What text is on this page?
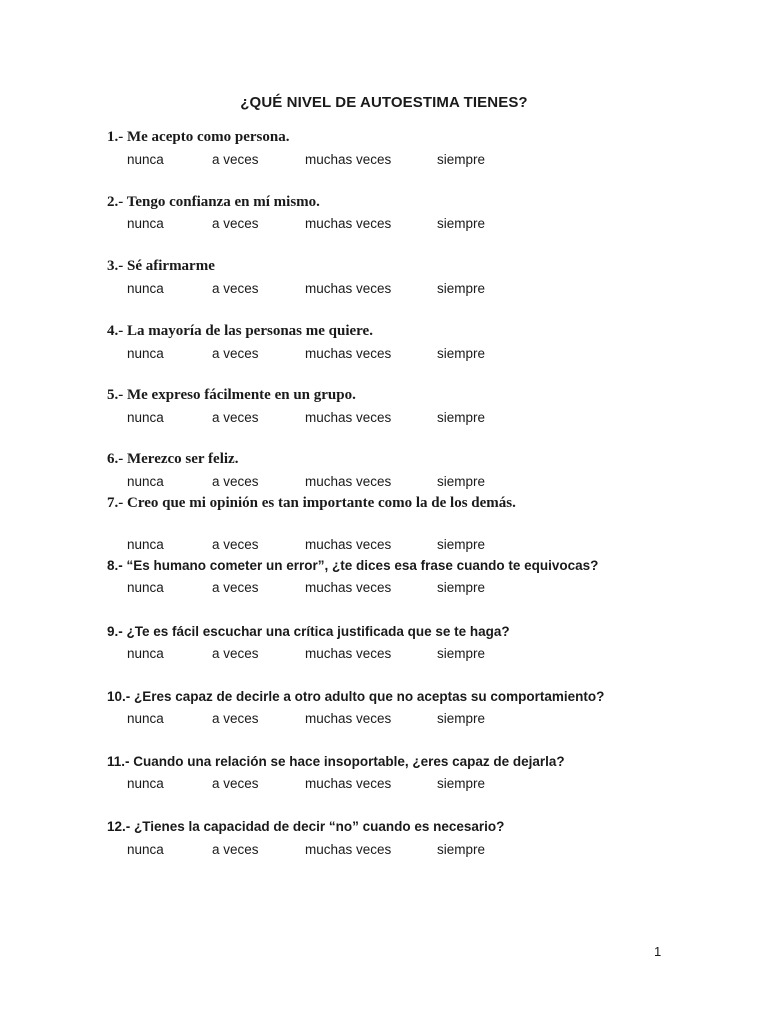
¿QUÉ NIVEL DE AUTOESTIMA TIENES?
1.- Me acepto como persona.
nunca	a veces	muchas veces	siempre
2.- Tengo confianza en mí mismo.
nunca	a veces	muchas veces	siempre
3.- Sé afirmarme
nunca	a veces	muchas veces	siempre
4.- La mayoría de las personas me quiere.
nunca	a veces	muchas veces	siempre
5.- Me expreso fácilmente en un grupo.
nunca	a veces	muchas veces	siempre
6.- Merezco ser feliz.
nunca	a veces	muchas veces	siempre
7.- Creo que mi opinión es tan importante como la de los demás.
nunca	a veces	muchas veces	siempre
8.- “Es humano cometer un error”, ¿te dices esa frase cuando te equivocas?
nunca	a veces	muchas veces	siempre
9.- ¿Te es fácil escuchar una crítica justificada que se te haga?
nunca	a veces	muchas veces	siempre
10.- ¿Eres capaz de decirle a otro adulto que no aceptas su comportamiento?
nunca	a veces	muchas veces	siempre
11.- Cuando una relación se hace insoportable, ¿eres capaz de dejarla?
nunca	a veces	muchas veces	siempre
12.- ¿Tienes la capacidad de decir “no” cuando es necesario?
nunca	a veces	muchas veces	siempre
1
